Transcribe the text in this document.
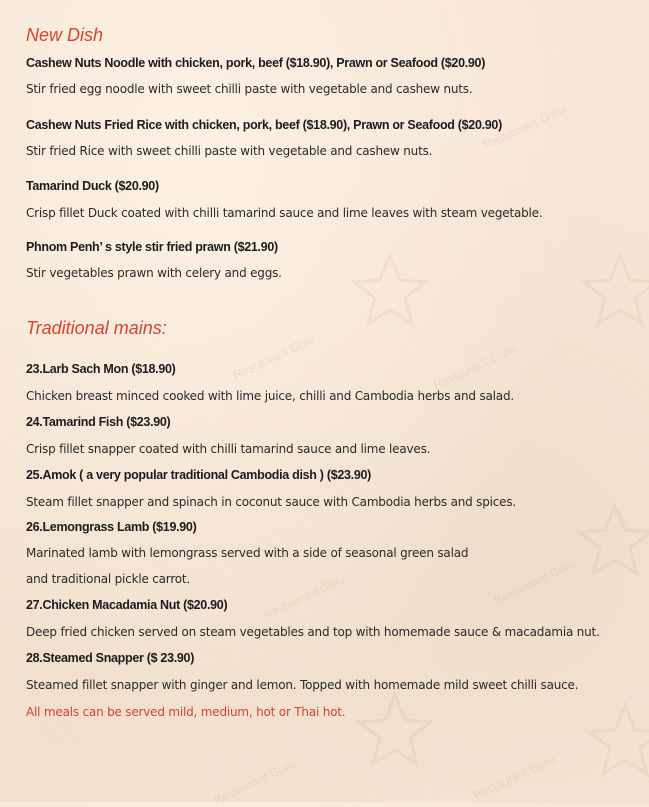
Restaurant Guru
Restaurant Guru
Restaurant Guru
Restaurant Guru	Restaurant Guru
Restaurant Guru
Restaurant Guru
New Dish
Cashew Nuts Noodle with chicken, pork, beef ($18.90), Prawn or Seafood ($20.90)
Stir fried egg noodle with sweet chilli paste with vegetable and cashew nuts.
Cashew Nuts Fried Rice with chicken, pork, beef ($18.90), Prawn or Seafood ($20.90)
Stir fried Rice with sweet chilli paste with vegetable and cashew nuts.
Tamarind Duck ($20.90)
Crisp fillet Duck coated with chilli tamarind sauce and lime leaves with steam vegetable.
Phnom Penh’ s style stir fried prawn ($21.90)
Stir vegetables prawn with celery and eggs.
Traditional mains:
23.Larb Sach Mon ($18.90)
Chicken breast minced cooked with lime juice, chilli and Cambodia herbs and salad.
24.Tamarind Fish ($23.90)
Crisp fillet snapper coated with chilli tamarind sauce and lime leaves.
25.Amok ( a very popular traditional Cambodia dish ) ($23.90)
Steam fillet snapper and spinach in coconut sauce with Cambodia herbs and spices.
26.Lemongrass Lamb ($19.90)
Marinated lamb with lemongrass served with a side of seasonal green salad
and traditional pickle carrot.
27.Chicken Macadamia Nut ($20.90)
Deep fried chicken served on steam vegetables and top with homemade sauce & macadamia nut.
28.Steamed Snapper ($ 23.90)
Steamed fillet snapper with ginger and lemon. Topped with homemade mild sweet chilli sauce.
All meals can be served mild, medium, hot or Thai hot.
